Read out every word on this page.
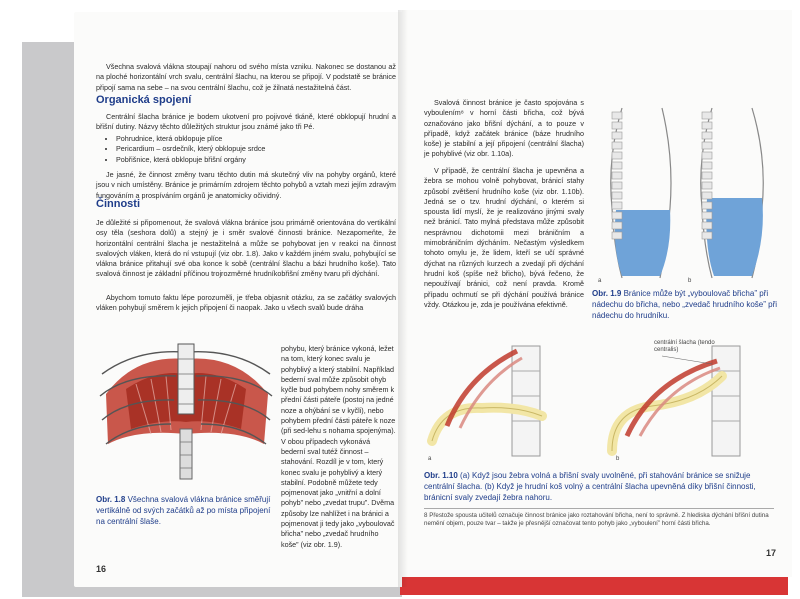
Všechna svalová vlákna stoupají nahoru od svého místa vzniku. Nakonec se dostanou až na ploché horizontální vrch svalu, centrální šlachu, na kterou se připojí. V podstatě se bránice připojí sama na sebe – na svou centrální šlachu, což je žilnatá nestažitelná část.

Organická spojení

Centrální šlacha bránice je bodem ukotvení pro pojivové tkáně, které obklopují hrudní a břišní dutiny. Názvy těchto důležitých struktur jsou známé jako tři Pé.

• Pohrudnice, která obklopuje plíce
• Pericardium – osrdečník, který obklopuje srdce
• Pobřišnice, která obklopuje břišní orgány

Je jasné, že činnost změny tvaru těchto dutin má skutečný vliv na pohyby orgánů, které jsou v nich umístěny. Bránice je primárním zdrojem těchto pohybů a vztah mezi jejím zdravým fungováním a prospíváním orgánů je anatomicky očividný.

Činnosti

Je důležité si připomenout, že svalová vlákna bránice jsou primárně orientována do vertikální osy těla (seshora dolů) a stejný je i směr svalové činnosti bránice. Nezapomeňte, že horizontální centrální šlacha je nestažitelná a může se pohybovat jen v reakci na činnost svalových vláken, která do ní vstupují (viz obr. 1.8). Jako v každém jiném svalu, pohybující se vlákna bránice přitahují své oba konce k sobě (centrální šlachu a bázi hrudního koše). Tato svalová činnost je základní příčinou trojrozměrné hrudníkobřišní změny tvaru při dýchání.

Abychom tomuto faktu lépe porozuměli, je třeba objasnit otázku, za se začátky svalových vláken pohybují směrem k jejich připojení či naopak. Jako u všech svalů bude dráha

pohybu, který bránice vykoná, ležet na tom, který konec svalu je pohyblivý a který stabilní. Například bederní sval může způsobit ohyb kyčle bud pohybem nohy směrem k přední části páteře (postoj na jedné noze a ohýbání se v kyčli), nebo pohybem přední části páteře k noze (při sed-lehu s nohama spojenýma). V obou případech vykonává bederní sval tutéž činnost – stahování. Rozdíl je v tom, který konec svalu je pohyblivý a který stabilní. Podobně můžete tedy pojmenovat jako „vnitřní a dolní pohyb” nebo „zvedat trupu”. Dvěma způsoby lze nahlížet i na bránici a pojmenovat ji tedy jako „vyboulovač břicha” nebo „zvedač hrudního koše” (viz obr. 1.9).

Obr. 1.8 Všechna svalová vlákna bránice směřují vertikálně od svých začátků až po místa připojení na centrální šlaše.

16

Svalová činnost bránice je často spojována s vyboulením⁸ v horní části břicha, což bývá označováno jako břišní dýchání, a to pouze v případě, když začátek bránice (báze hrudního koše) je stabilní a její připojení (centrální šlacha) je pohyblivé (viz obr. 1.10a).

V případě, že centrální šlacha je upevněna a žebra se mohou volně pohybovat, bránicí stahy způsobí zvětšení hrudního koše (viz obr. 1.10b). Jedná se o tzv. hrudní dýchání, o kterém si spousta lidí myslí, že je realizováno jinými svaly než bránicí. Tato mylná představa může způsobit nesprávnou dichotomii mezi bráničním a mimobráničním dýcháním. Nečastým výsledkem tohoto omylu je, že lidem, kteří se učí správné dýchat na různých kurzech a zvedají při dýchání hrudní koš (spíše než břicho), bývá řečeno, že nepoužívají bránici, což není pravda. Kromě případu ochrnutí se při dýchání používá bránice vždy. Otázkou je, zda je používána efektivně.

a	b

Obr. 1.9 Bránice může být „vyboulovač břicha” při nádechu do břicha, nebo „zvedač hrudního koše” při nádechu do hrudníku.

centrální šlacha (tendo centralis)
a	b

Obr. 1.10 (a) Když jsou žebra volná a břišní svaly uvolněné, při stahování bránice se snižuje centrální šlacha. (b) Když je hrudní koš volný a centrální šlacha upevněná díky břišní činnosti, bránicní svaly zvedají žebra nahoru.

8 Přestože spousta učitelů označuje činnost bránice jako roztahování břicha, není to správně. Z hlediska dýchání břišní dutina nemění objem, pouze tvar – takže je přesnější označovat tento pohyb jako „vyboulení” horní části břicha.

17
